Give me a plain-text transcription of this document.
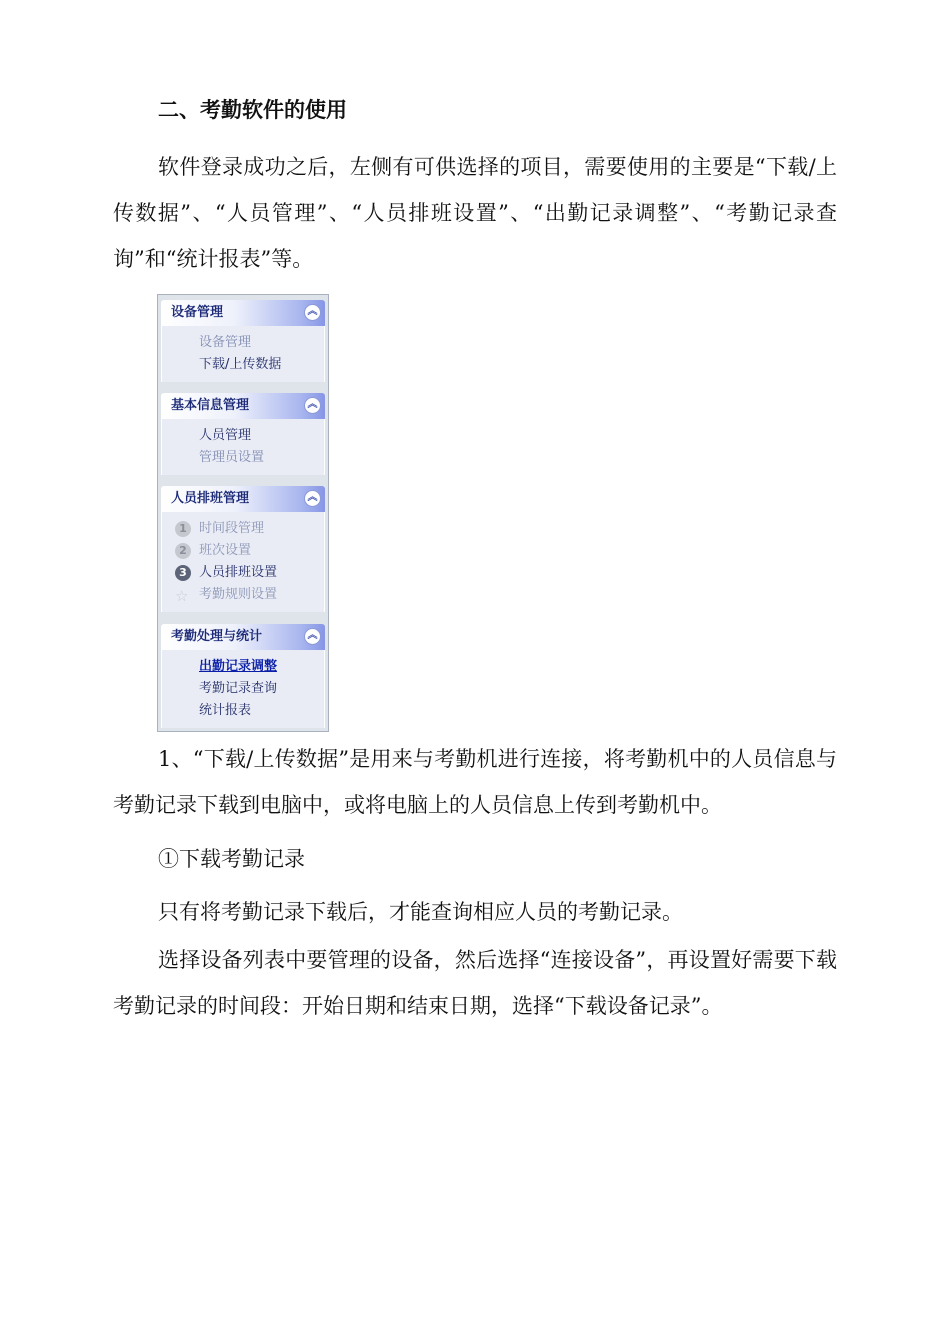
二、考勤软件的使用

软件登录成功之后，左侧有可供选择的项目，需要使用的主要是“下载/上传数据”、“人员管理”、“人员排班设置”、“出勤记录调整”、“考勤记录查询”和“统计报表”等。

设备管理	︽
设备管理
下载/上传数据
基本信息管理	︽
人员管理
管理员设置
人员排班管理	︽
1 时间段管理
2 班次设置
3 人员排班设置
☆ 考勤规则设置
考勤处理与统计	︽
出勤记录调整
考勤记录查询
统计报表

1、“下载/上传数据”是用来与考勤机进行连接，将考勤机中的人员信息与考勤记录下载到电脑中，或将电脑上的人员信息上传到考勤机中。

①下载考勤记录

只有将考勤记录下载后，才能查询相应人员的考勤记录。

选择设备列表中要管理的设备，然后选择“连接设备”，再设置好需要下载考勤记录的时间段：开始日期和结束日期，选择“下载设备记录”。
